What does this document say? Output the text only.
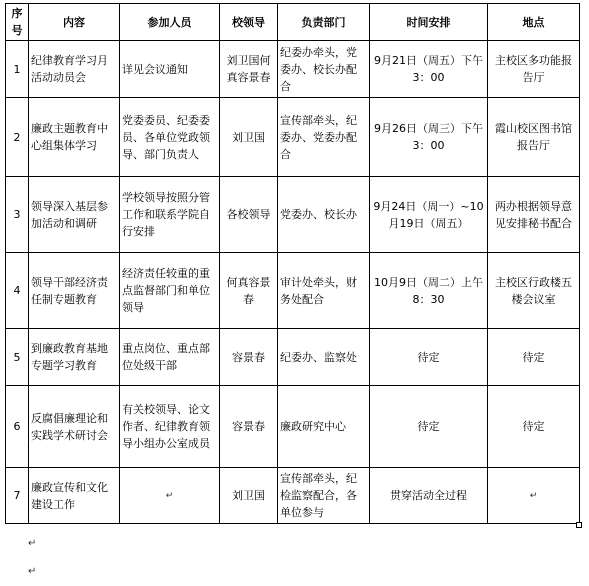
序号	内容	参加人员	校领导	负责部门	时间安排	地点
1	纪律教育学习月活动动员会	详见会议通知	刘卫国何真容景春	纪委办牵头，党委办、校长办配合	9月21日（周五）下午3：00	主校区多功能报告厅
2	廉政主题教育中心组集体学习	党委委员、纪委委员、各单位党政领导、部门负责人	刘卫国	宣传部牵头，纪委办、党委办配合	9月26日（周三）下午3：00	霞山校区图书馆报告厅
3	领导深入基层参加活动和调研	学校领导按照分管工作和联系学院自行安排	各校领导	党委办、校长办	9月24日（周一）~10月19日（周五）	两办根据领导意见安排秘书配合
4	领导干部经济责任制专题教育	经济责任较重的重点监督部门和单位领导	何真容景春	审计处牵头，财务处配合	10月9日（周二）上午8：30	主校区行政楼五楼会议室
5	到廉政教育基地专题学习教育	重点岗位、重点部位处级干部	容景春	纪委办、监察处	待定	待定
6	反腐倡廉理论和实践学术研讨会	有关校领导、论文作者、纪律教育领导小组办公室成员	容景春	廉政研究中心	待定	待定
7	廉政宣传和文化建设工作	↵	刘卫国	宣传部牵头，纪检监察配合，各单位参与	贯穿活动全过程	↵
↵
↵
